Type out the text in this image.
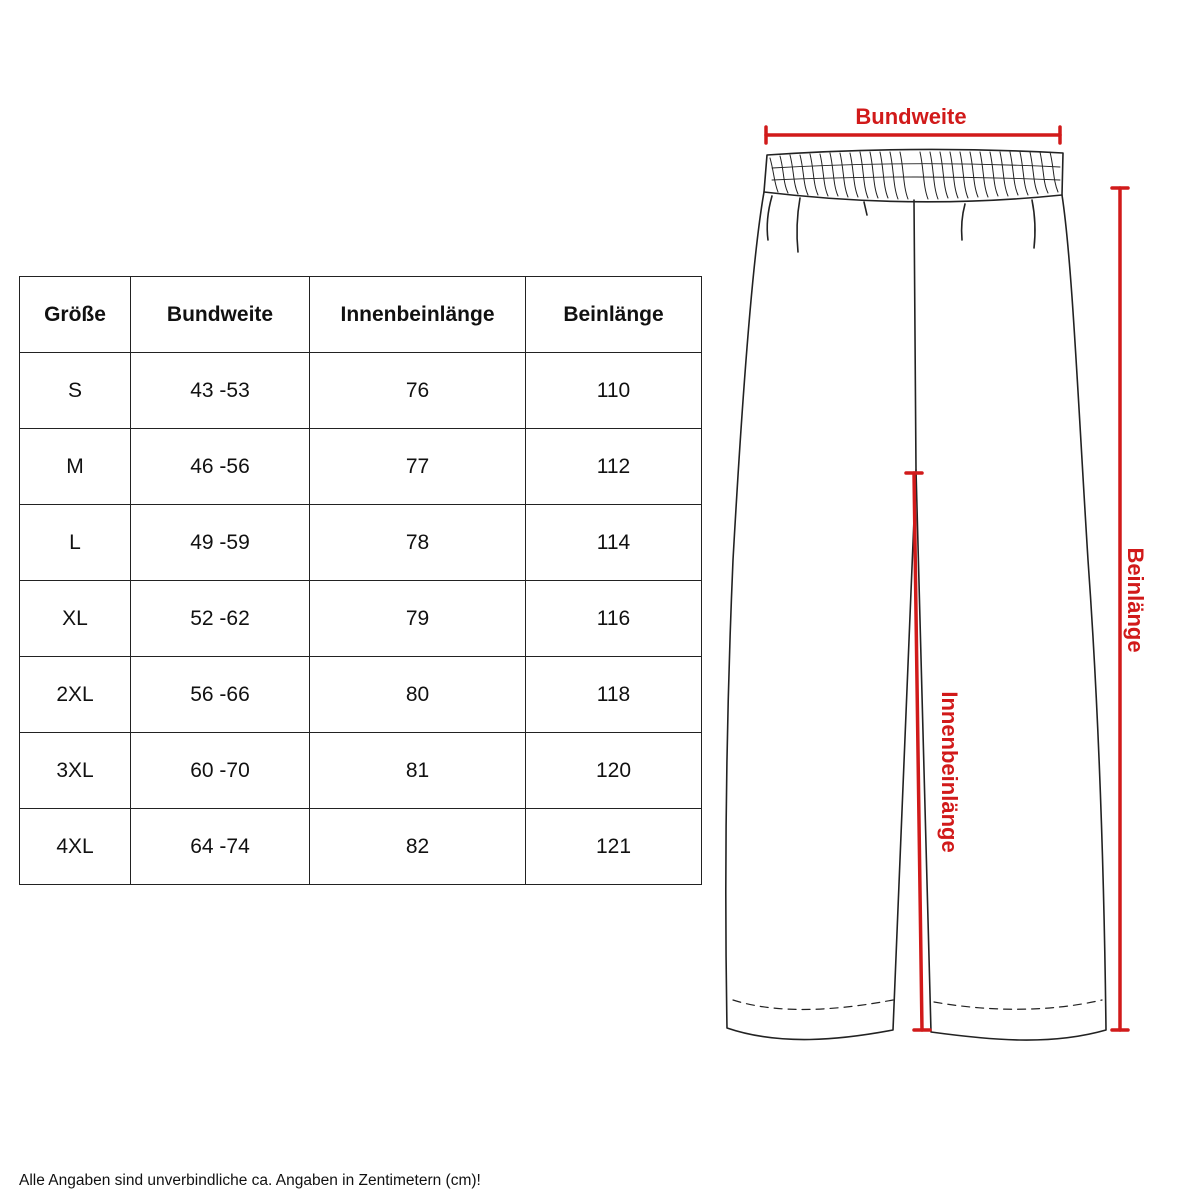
Größe	Bundweite	Innenbeinlänge	Beinlänge
S	43 -53	76	110
M	46 -56	77	112
L	49 -59	78	114
XL	52 -62	79	116
2XL	56 -66	80	118
3XL	60 -70	81	120
4XL	64 -74	82	121
Bundweite
Beinlänge
Innenbeinlänge
Alle Angaben sind unverbindliche ca. Angaben in Zentimetern (cm)!
